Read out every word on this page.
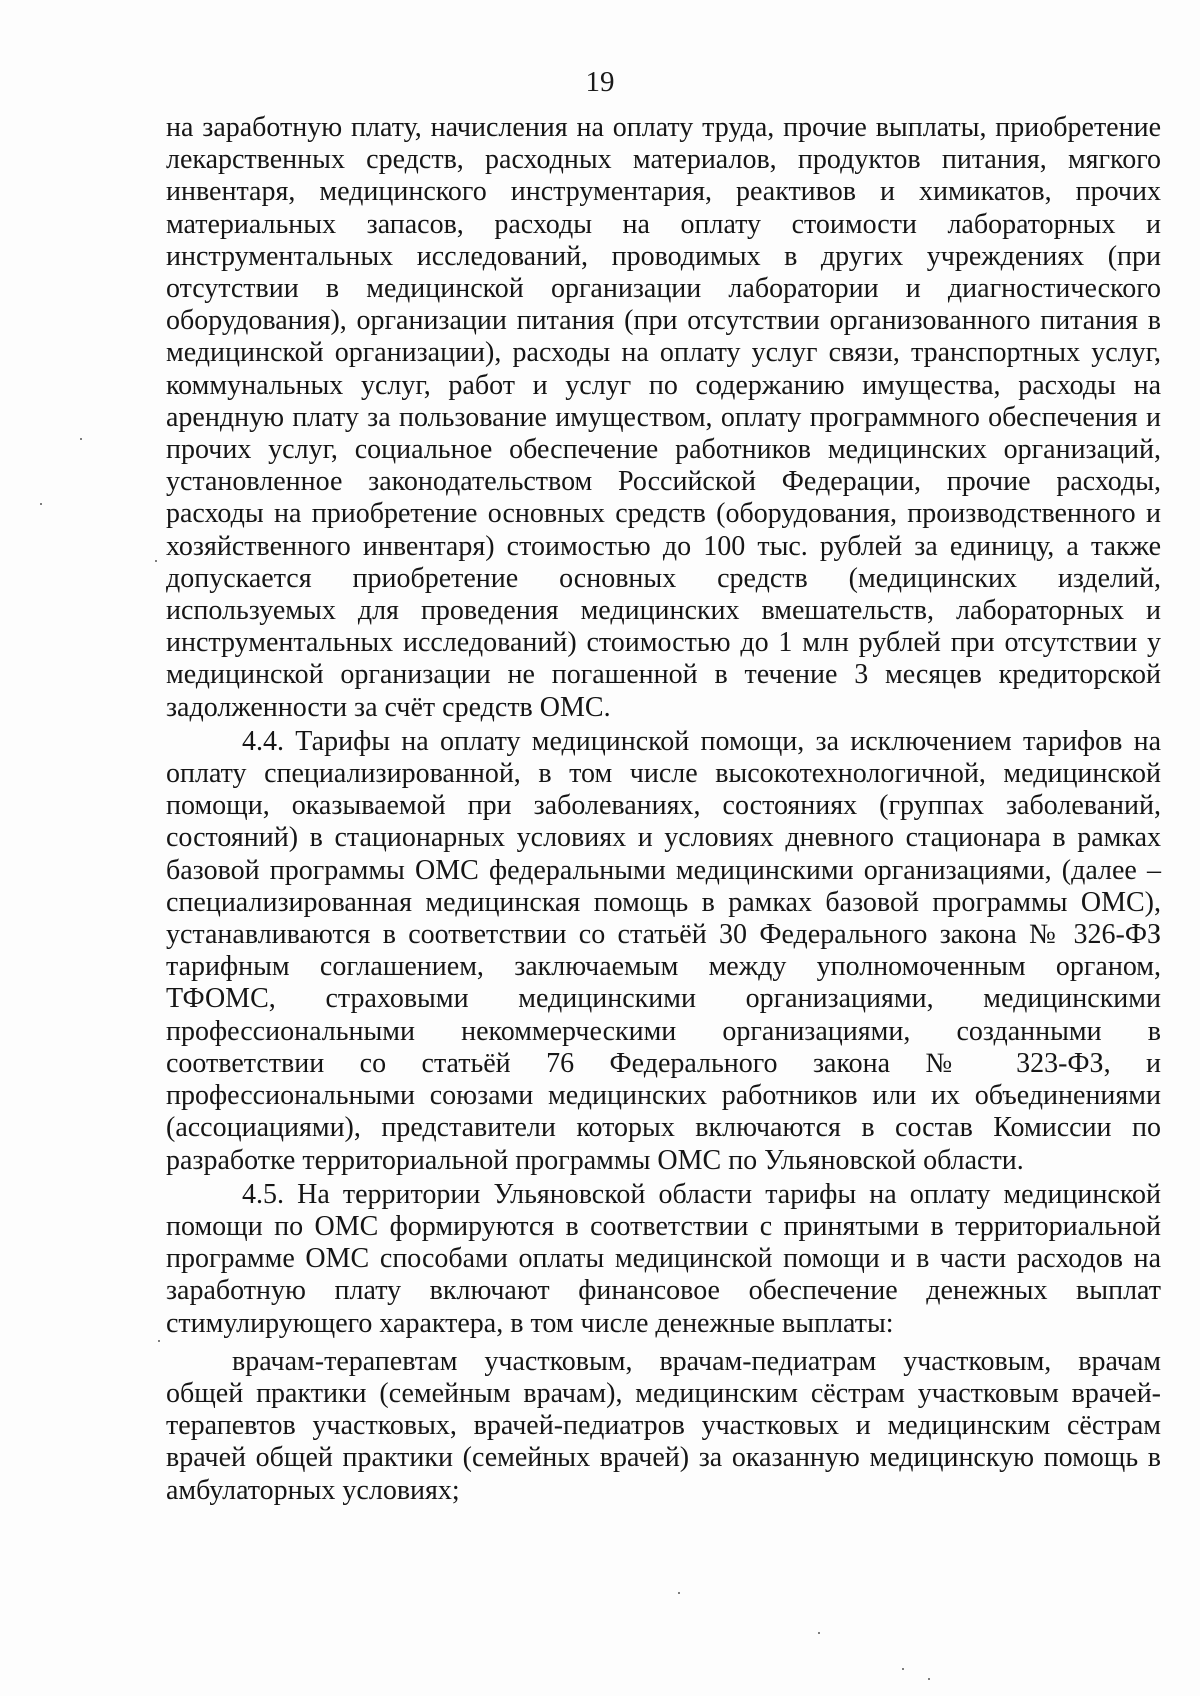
19

на заработную плату, начисления на оплату труда, прочие выплаты, приобретение лекарственных средств, расходных материалов, продуктов питания, мягкого инвентаря, медицинского инструментария, реактивов и химикатов, прочих материальных запасов, расходы на оплату стоимости лабораторных и инструментальных исследований, проводимых в других учреждениях (при отсутствии в медицинской организации лаборатории и диагностического оборудования), организации питания (при отсутствии организованного питания в медицинской организации), расходы на оплату услуг связи, транспортных услуг, коммунальных услуг, работ и услуг по содержанию имущества, расходы на арендную плату за пользование имуществом, оплату программного обеспечения и прочих услуг, социальное обеспечение работников медицинских организаций, установленное законодательством Российской Федерации, прочие расходы, расходы на приобретение основных средств (оборудования, производственного и хозяйственного инвентаря) стоимостью до 100 тыс. рублей за единицу, а также допускается приобретение основных средств (медицинских изделий, используемых для проведения медицинских вмешательств, лабораторных и инструментальных исследований) стоимостью до 1 млн рублей при отсутствии у медицинской организации не погашенной в течение 3 месяцев кредиторской задолженности за счёт средств ОМС.

4.4. Тарифы на оплату медицинской помощи, за исключением тарифов на оплату специализированной, в том числе высокотехнологичной, медицинской помощи, оказываемой при заболеваниях, состояниях (группах заболеваний, состояний) в стационарных условиях и условиях дневного стационара в рамках базовой программы ОМС федеральными медицинскими организациями, (далее – специализированная медицинская помощь в рамках базовой программы ОМС), устанавливаются в соответствии со статьёй 30 Федерального закона № 326-ФЗ тарифным соглашением, заключаемым между уполномоченным органом, ТФОМС, страховыми медицинскими организациями, медицинскими профессиональными некоммерческими организациями, созданными в соответствии со статьёй 76 Федерального закона № 323-ФЗ, и профессиональными союзами медицинских работников или их объединениями (ассоциациями), представители которых включаются в состав Комиссии по разработке территориальной программы ОМС по Ульяновской области.

4.5. На территории Ульяновской области тарифы на оплату медицинской помощи по ОМС формируются в соответствии с принятыми в территориальной программе ОМС способами оплаты медицинской помощи и в части расходов на заработную плату включают финансовое обеспечение денежных выплат стимулирующего характера, в том числе денежные выплаты:

врачам-терапевтам участковым, врачам-педиатрам участковым, врачам общей практики (семейным врачам), медицинским сёстрам участковым врачей-терапевтов участковых, врачей-педиатров участковых и медицинским сёстрам врачей общей практики (семейных врачей) за оказанную медицинскую помощь в амбулаторных условиях;
